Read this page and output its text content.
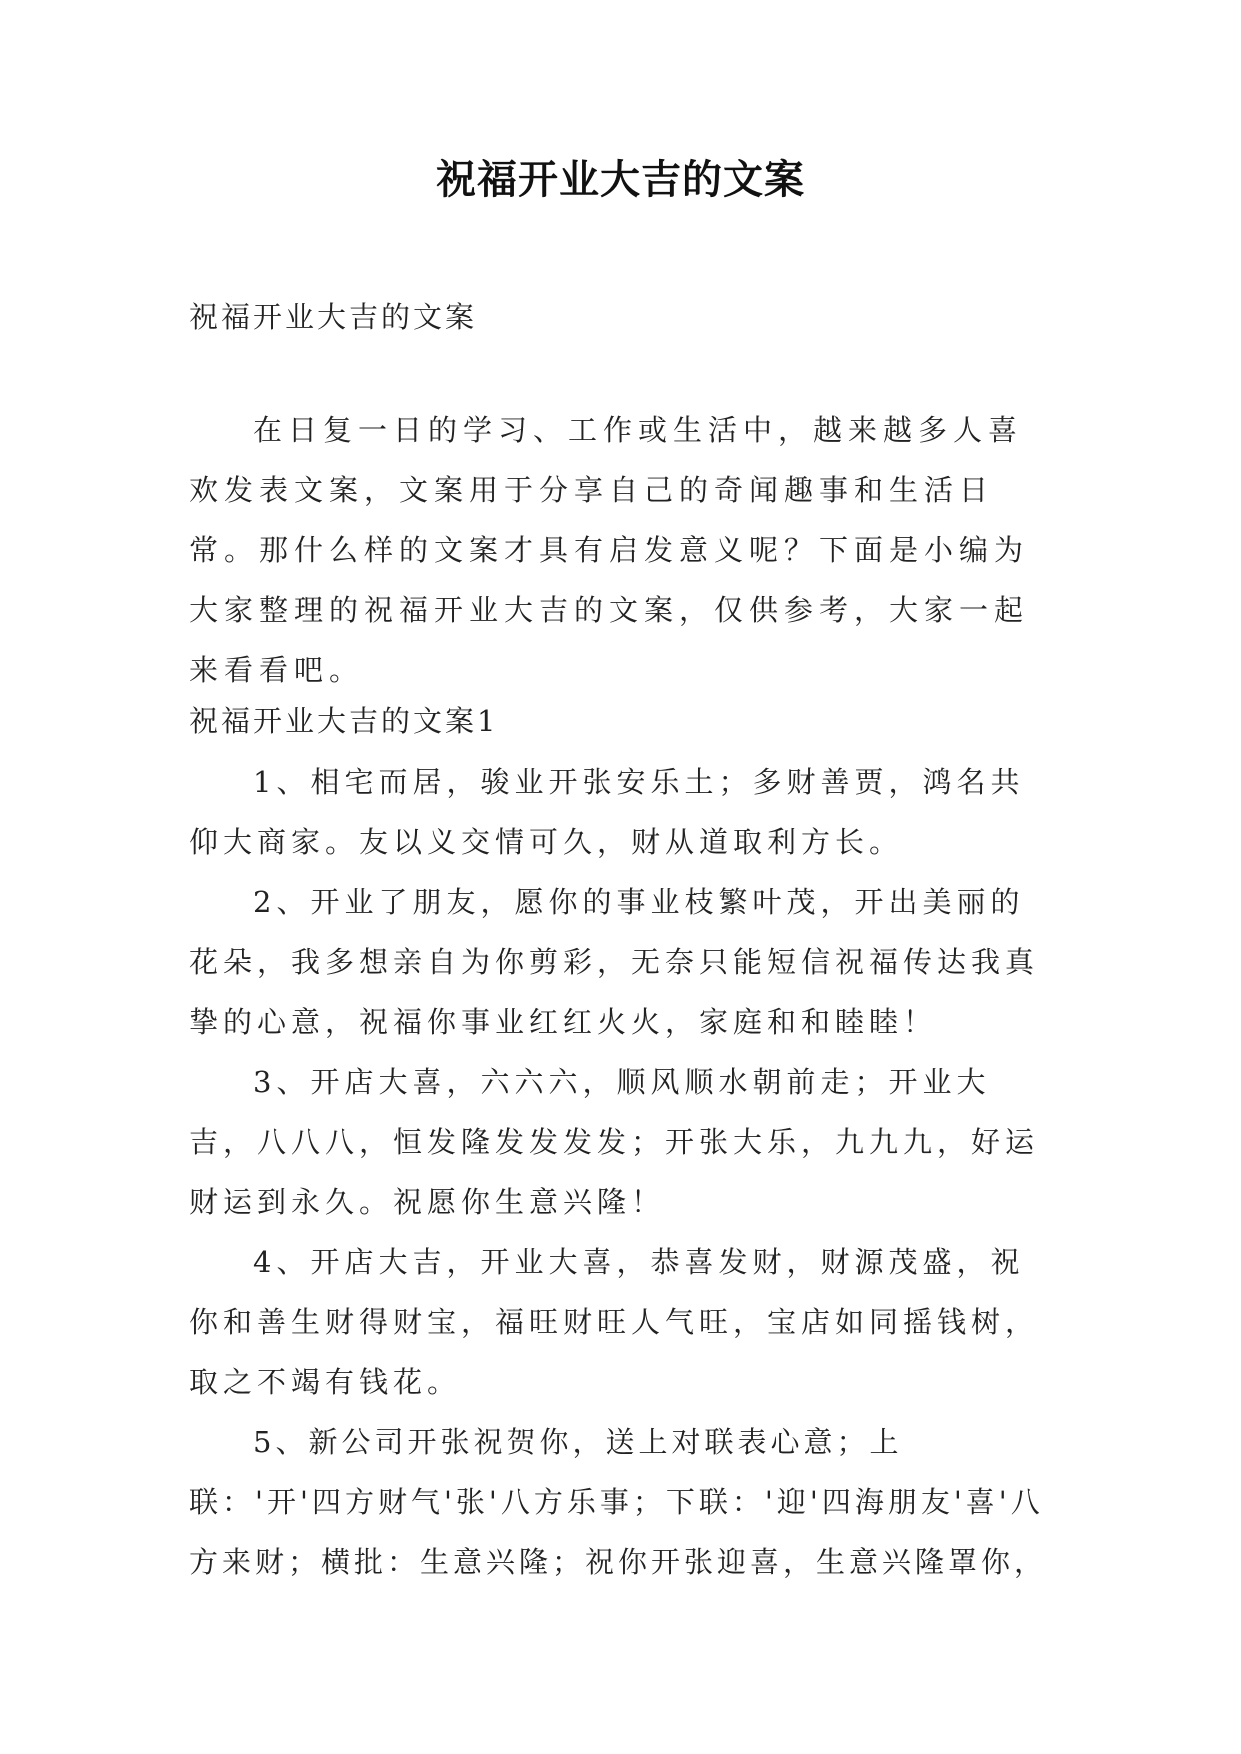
祝福开业大吉的文案
祝福开业大吉的文案
在日复一日的学习、工作或生活中，越来越多人喜欢发表文案，文案用于分享自己的奇闻趣事和生活日常。那什么样的文案才具有启发意义呢？下面是小编为大家整理的祝福开业大吉的文案，仅供参考，大家一起来看看吧。
祝福开业大吉的文案1

1、相宅而居，骏业开张安乐土；多财善贾，鸿名共仰大商家。友以义交情可久，财从道取利方长。

2、开业了朋友，愿你的事业枝繁叶茂，开出美丽的花朵，我多想亲自为你剪彩，无奈只能短信祝福传达我真挚的心意，祝福你事业红红火火，家庭和和睦睦！

3、开店大喜，六六六，顺风顺水朝前走；开业大吉，八八八，恒发隆发发发发；开张大乐，九九九，好运财运到永久。祝愿你生意兴隆！

4、开店大吉，开业大喜，恭喜发财，财源茂盛，祝你和善生财得财宝，福旺财旺人气旺，宝店如同摇钱树，取之不竭有钱花。

5、新公司开张祝贺你，送上对联表心意；上联：'开'四方财气'张'八方乐事；下联：'迎'四海朋友'喜'八方来财；横批：生意兴隆；祝你开张迎喜，生意兴隆罩你，
